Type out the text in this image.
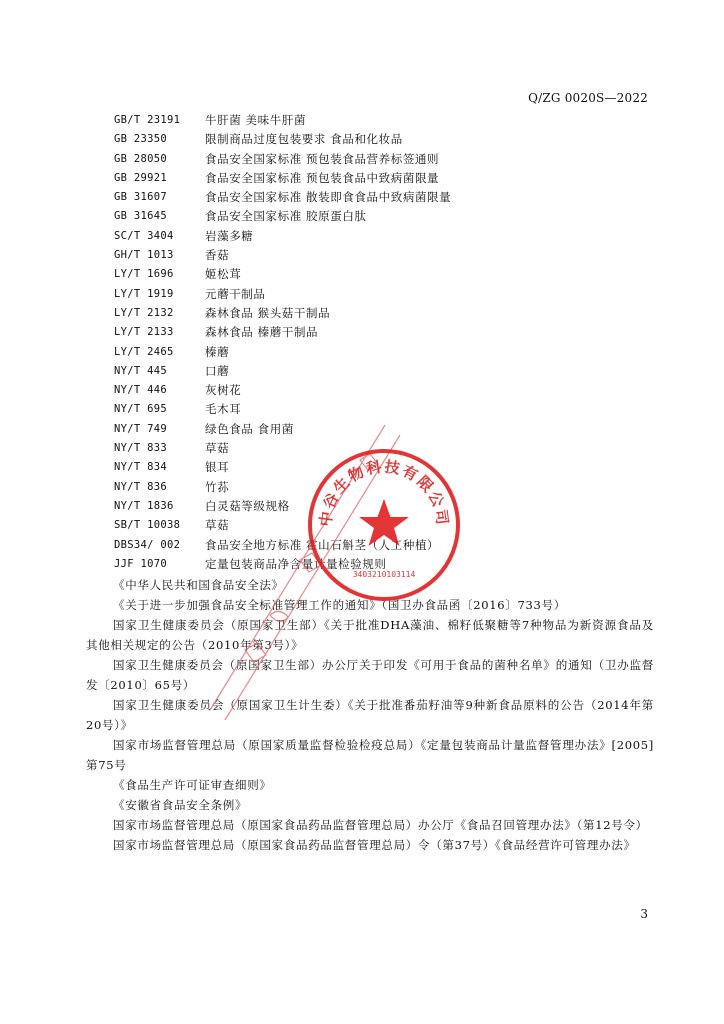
Q/ZG 0020S—2022
GB/T 23191 牛肝菌 美味牛肝菌
GB 23350	限制商品过度包装要求 食品和化妆品
GB 28050	食品安全国家标准 预包装食品营养标签通则
GB 29921	食品安全国家标准 预包装食品中致病菌限量
GB 31607	食品安全国家标准 散装即食食品中致病菌限量
GB 31645	食品安全国家标准 胶原蛋白肽
SC/T 3404	岩藻多糖
GH/T 1013	香菇
LY/T 1696	姬松茸
LY/T 1919	元蘑干制品
LY/T 2132	森林食品 猴头菇干制品
LY/T 2133	森林食品 榛蘑干制品
LY/T 2465	榛蘑
NY/T 445	口蘑
NY/T 446	灰树花
NY/T 695	毛木耳
NY/T 749	绿色食品 食用菌
NY/T 833	草菇
NY/T 834	银耳
NY/T 836	竹荪
NY/T 1836	白灵菇等级规格
SB/T 10038 草菇
DBS34/ 002 食品安全地方标准 霍山石斛茎（人工种植）
JJF 1070	定量包装商品净含量计量检验规则

《中华人民共和国食品安全法》

《关于进一步加强食品安全标准管理工作的通知》（国卫办食品函〔2016〕733号）

国家卫生健康委员会（原国家卫生部）《关于批准DHA藻油、棉籽低聚糖等7种物品为新资源食品及其他相关规定的公告（2010年第3号）》

国家卫生健康委员会（原国家卫生部）办公厅关于印发《可用于食品的菌种名单》的通知（卫办监督发〔2010〕65号）

国家卫生健康委员会（原国家卫生计生委）《关于批准番茄籽油等9种新食品原料的公告（2014年第20号）》

国家市场监督管理总局（原国家质量监督检验检疫总局）《定量包装商品计量监督管理办法》[2005]第75号

《食品生产许可证审查细则》

《安徽省食品安全条例》

国家市场监督管理总局（原国家食品药品监督管理总局）办公厅《食品召回管理办法》（第12号令）

国家市场监督管理总局（原国家食品药品监督管理总局）令（第37号）《食品经营许可管理办法》

中谷生物科技有限公司
3403210103114
3
